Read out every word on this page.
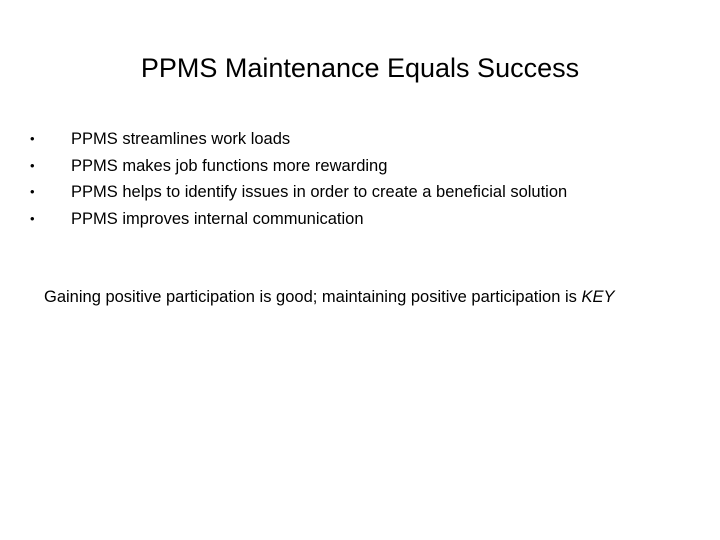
PPMS Maintenance Equals Success
•	PPMS streamlines work loads
•	PPMS makes job functions more rewarding
•	PPMS helps to identify issues in order to create a beneficial solution
•	PPMS improves internal communication
Gaining positive participation is good; maintaining positive participation is KEY
